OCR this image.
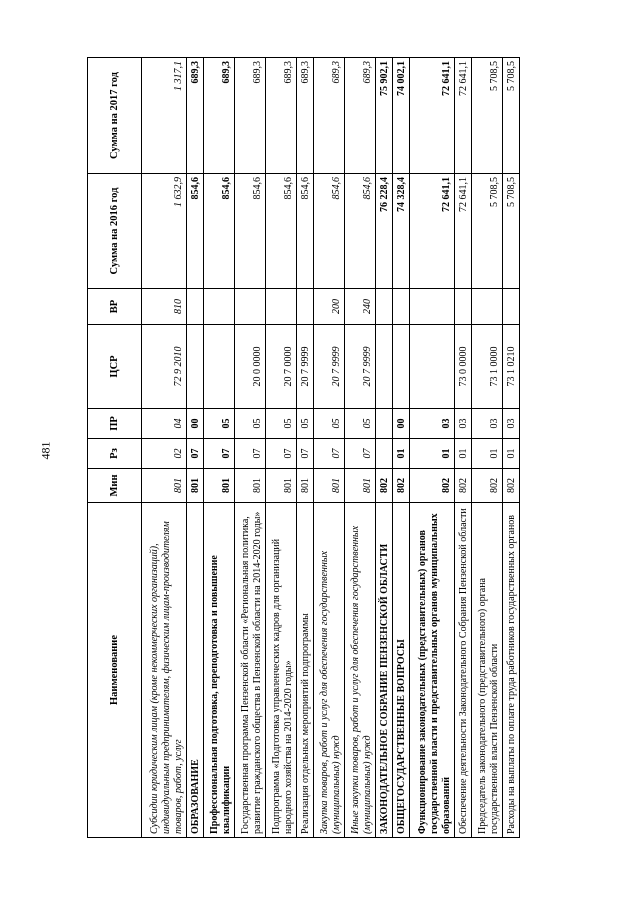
481
Наименование	Мин	Рз	ПР	ЦСР	ВР	Сумма на 2016 год	Сумма на 2017 год
Субсидии юридическим лицам (кроме некоммерческих организаций), индивидуальным предпринимателям, физическим лицам-производителям товаров, работ, услуг	801	02	04	72 9 2010	810	1 632,9	1 317,1
ОБРАЗОВАНИЕ	801	07	00			854,6	689,3
Профессиональная подготовка, переподготовка и повышение квалификации	801	07	05			854,6	689,3
Государственная программа Пензенской области «Региональная политика, развитие гражданского общества в Пензенской области на 2014-2020 годы»	801	07	05	20 0 0000		854,6	689,3
Подпрограмма «Подготовка управленческих кадров для организаций народного хозяйства на 2014-2020 годы»	801	07	05	20 7 0000		854,6	689,3
Реализация отдельных мероприятий подпрограммы	801	07	05	20 7 9999		854,6	689,3
Закупка товаров, работ и услуг для обеспечения государственных (муниципальных) нужд	801	07	05	20 7 9999	200	854,6	689,3
Иные закупки товаров, работ и услуг для обеспечения государственных (муниципальных) нужд	801	07	05	20 7 9999	240	854,6	689,3
ЗАКОНОДАТЕЛЬНОЕ СОБРАНИЕ ПЕНЗЕНСКОЙ ОБЛАСТИ	802					76 228,4	75 902,1
ОБЩЕГОСУДАРСТВЕННЫЕ ВОПРОСЫ	802	01	00			74 328,4	74 002,1
Функционирование законодательных (представительных) органов государственной власти и представительных органов муниципальных образований	802	01	03			72 641,1	72 641,1
Обеспечение деятельности Законодательного Собрания Пензенской области	802	01	03	73 0 0000		72 641,1	72 641,1
Председатель законодательного (представительного) органа государственной власти Пензенской области	802	01	03	73 1 0000		5 708,5	5 708,5
Расходы на выплаты по оплате труда работников государственных органов	802	01	03	73 1 0210		5 708,5	5 708,5
